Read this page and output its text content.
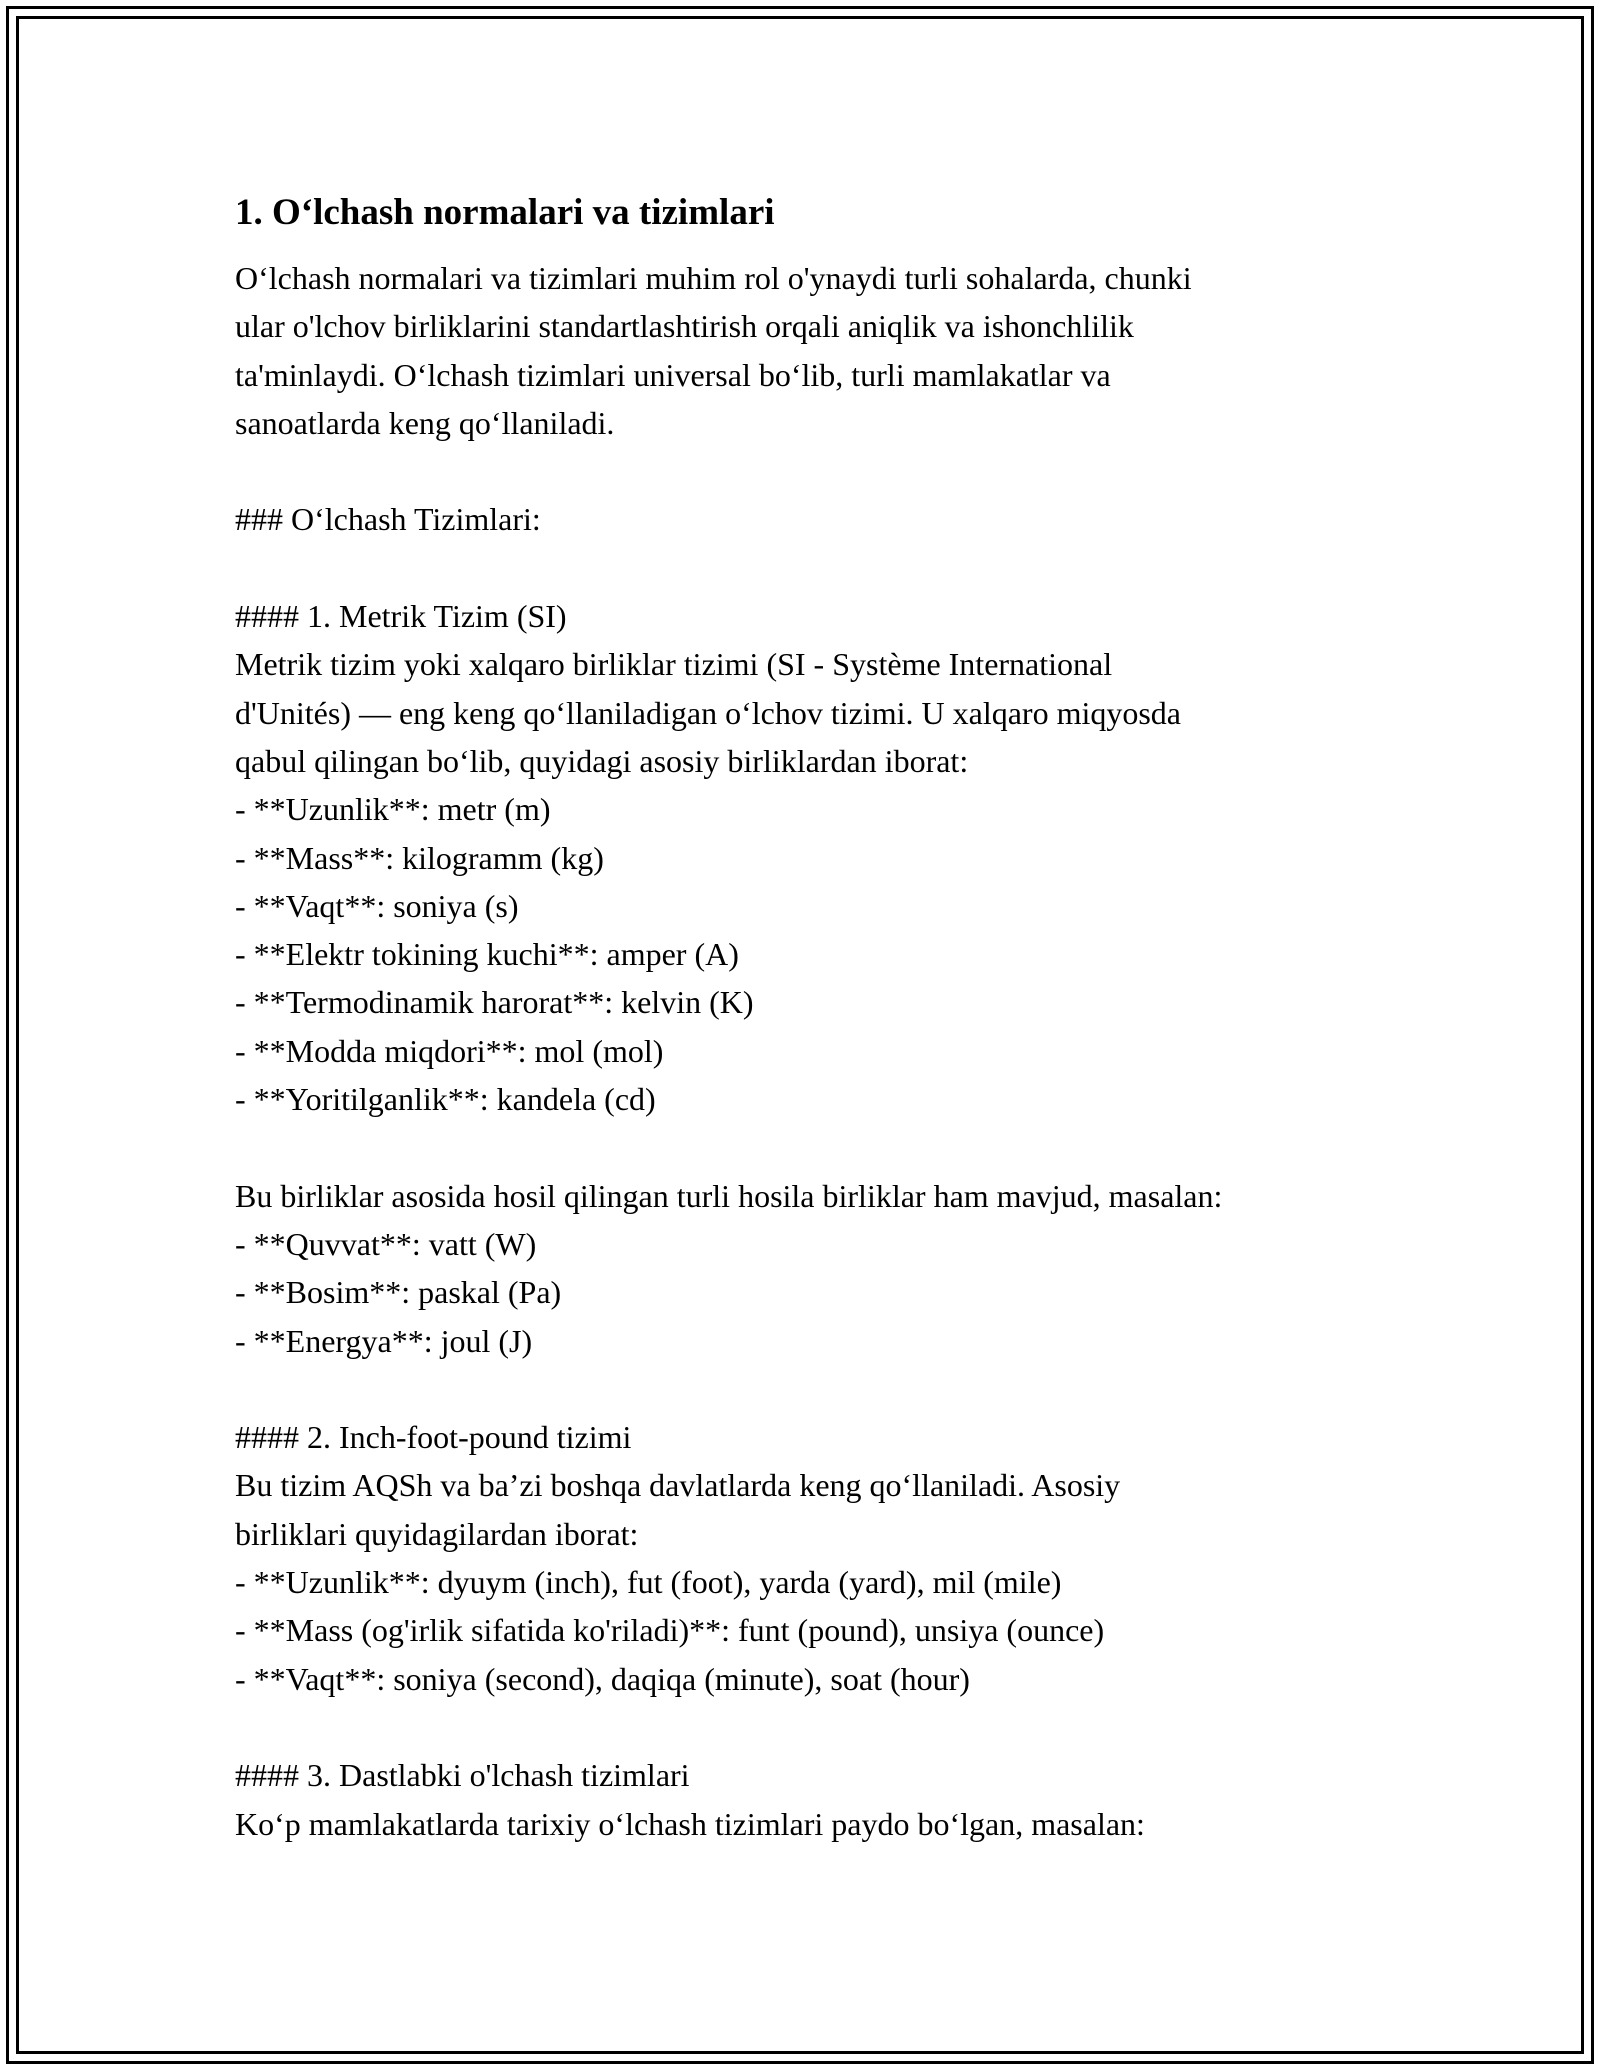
1. Oʻlchash normalari va tizimlari

Oʻlchash normalari va tizimlari muhim rol o'ynaydi turli sohalarda, chunki

ular o'lchov birliklarini standartlashtirish orqali aniqlik va ishonchlilik

ta'minlaydi. Oʻlchash tizimlari universal boʻlib, turli mamlakatlar va

sanoatlarda keng qoʻllaniladi.

### Oʻlchash Tizimlari:

#### 1. Metrik Tizim (SI)

Metrik tizim yoki xalqaro birliklar tizimi (SI - Système International

d'Unités) — eng keng qoʻllaniladigan oʻlchov tizimi. U xalqaro miqyosda

qabul qilingan boʻlib, quyidagi asosiy birliklardan iborat:

- **Uzunlik**: metr (m)

- **Mass**: kilogramm (kg)

- **Vaqt**: soniya (s)

- **Elektr tokining kuchi**: amper (A)

- **Termodinamik harorat**: kelvin (K)

- **Modda miqdori**: mol (mol)

- **Yoritilganlik**: kandela (cd)

Bu birliklar asosida hosil qilingan turli hosila birliklar ham mavjud, masalan:

- **Quvvat**: vatt (W)

- **Bosim**: paskal (Pa)

- **Energya**: joul (J)

#### 2. Inch-foot-pound tizimi

Bu tizim AQSh va ba’zi boshqa davlatlarda keng qoʻllaniladi. Asosiy

birliklari quyidagilardan iborat:

- **Uzunlik**: dyuym (inch), fut (foot), yarda (yard), mil (mile)

- **Mass (og'irlik sifatida ko'riladi)**: funt (pound), unsiya (ounce)

- **Vaqt**: soniya (second), daqiqa (minute), soat (hour)

#### 3. Dastlabki o'lchash tizimlari

Koʻp mamlakatlarda tarixiy oʻlchash tizimlari paydo boʻlgan, masalan:
